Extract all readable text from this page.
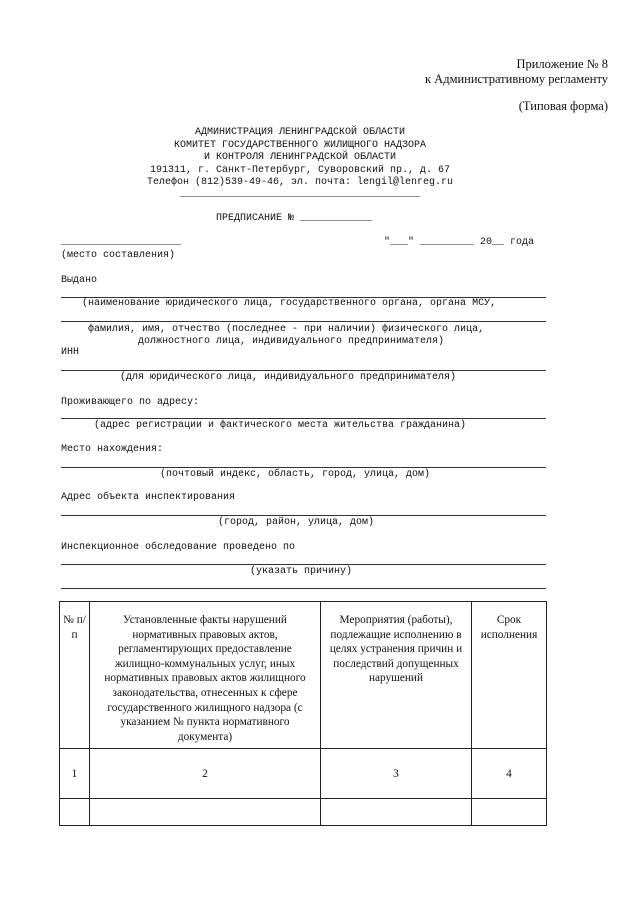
Приложение № 8
к Административному регламенту
(Типовая форма)
АДМИНИСТРАЦИЯ ЛЕНИНГРАДСКОЙ ОБЛАСТИ
КОМИТЕТ ГОСУДАРСТВЕННОГО ЖИЛИЩНОГО НАДЗОРА
И КОНТРОЛЯ ЛЕНИНГРАДСКОЙ ОБЛАСТИ
191311, г. Санкт-Петербург, Суворовский пр., д. 67
Телефон (812)539-49-46, эл. почта: lengil@lenreg.ru
________________________________________
ПРЕДПИСАНИЕ № ____________
____________________	"___" _________ 20__ года
(место составления)
Выдано
(наименование юридического лица, государственного органа, органа МСУ,
фамилия, имя, отчество (последнее - при наличии) физического лица,
должностного лица, индивидуального предпринимателя)
ИНН
(для юридического лица, индивидуального предпринимателя)
Проживающего по адресу:
(адрес регистрации и фактического места жительства гражданина)
Место нахождения:
(почтовый индекс, область, город, улица, дом)
Адрес объекта инспектирования
(город, район, улица, дом)
Инспекционное обследование проведено по
(указать причину)
№ п/п	Установленные факты нарушений нормативных правовых актов, регламентирующих предоставление жилищно-коммунальных услуг, иных нормативных правовых актов жилищного законодательства, отнесенных к сфере государственного жилищного надзора (с указанием № пункта нормативного документа)	Мероприятия (работы), подлежащие исполнению в целях устранения причин и последствий допущенных нарушений	Срок исполнения
1	2	3	4
